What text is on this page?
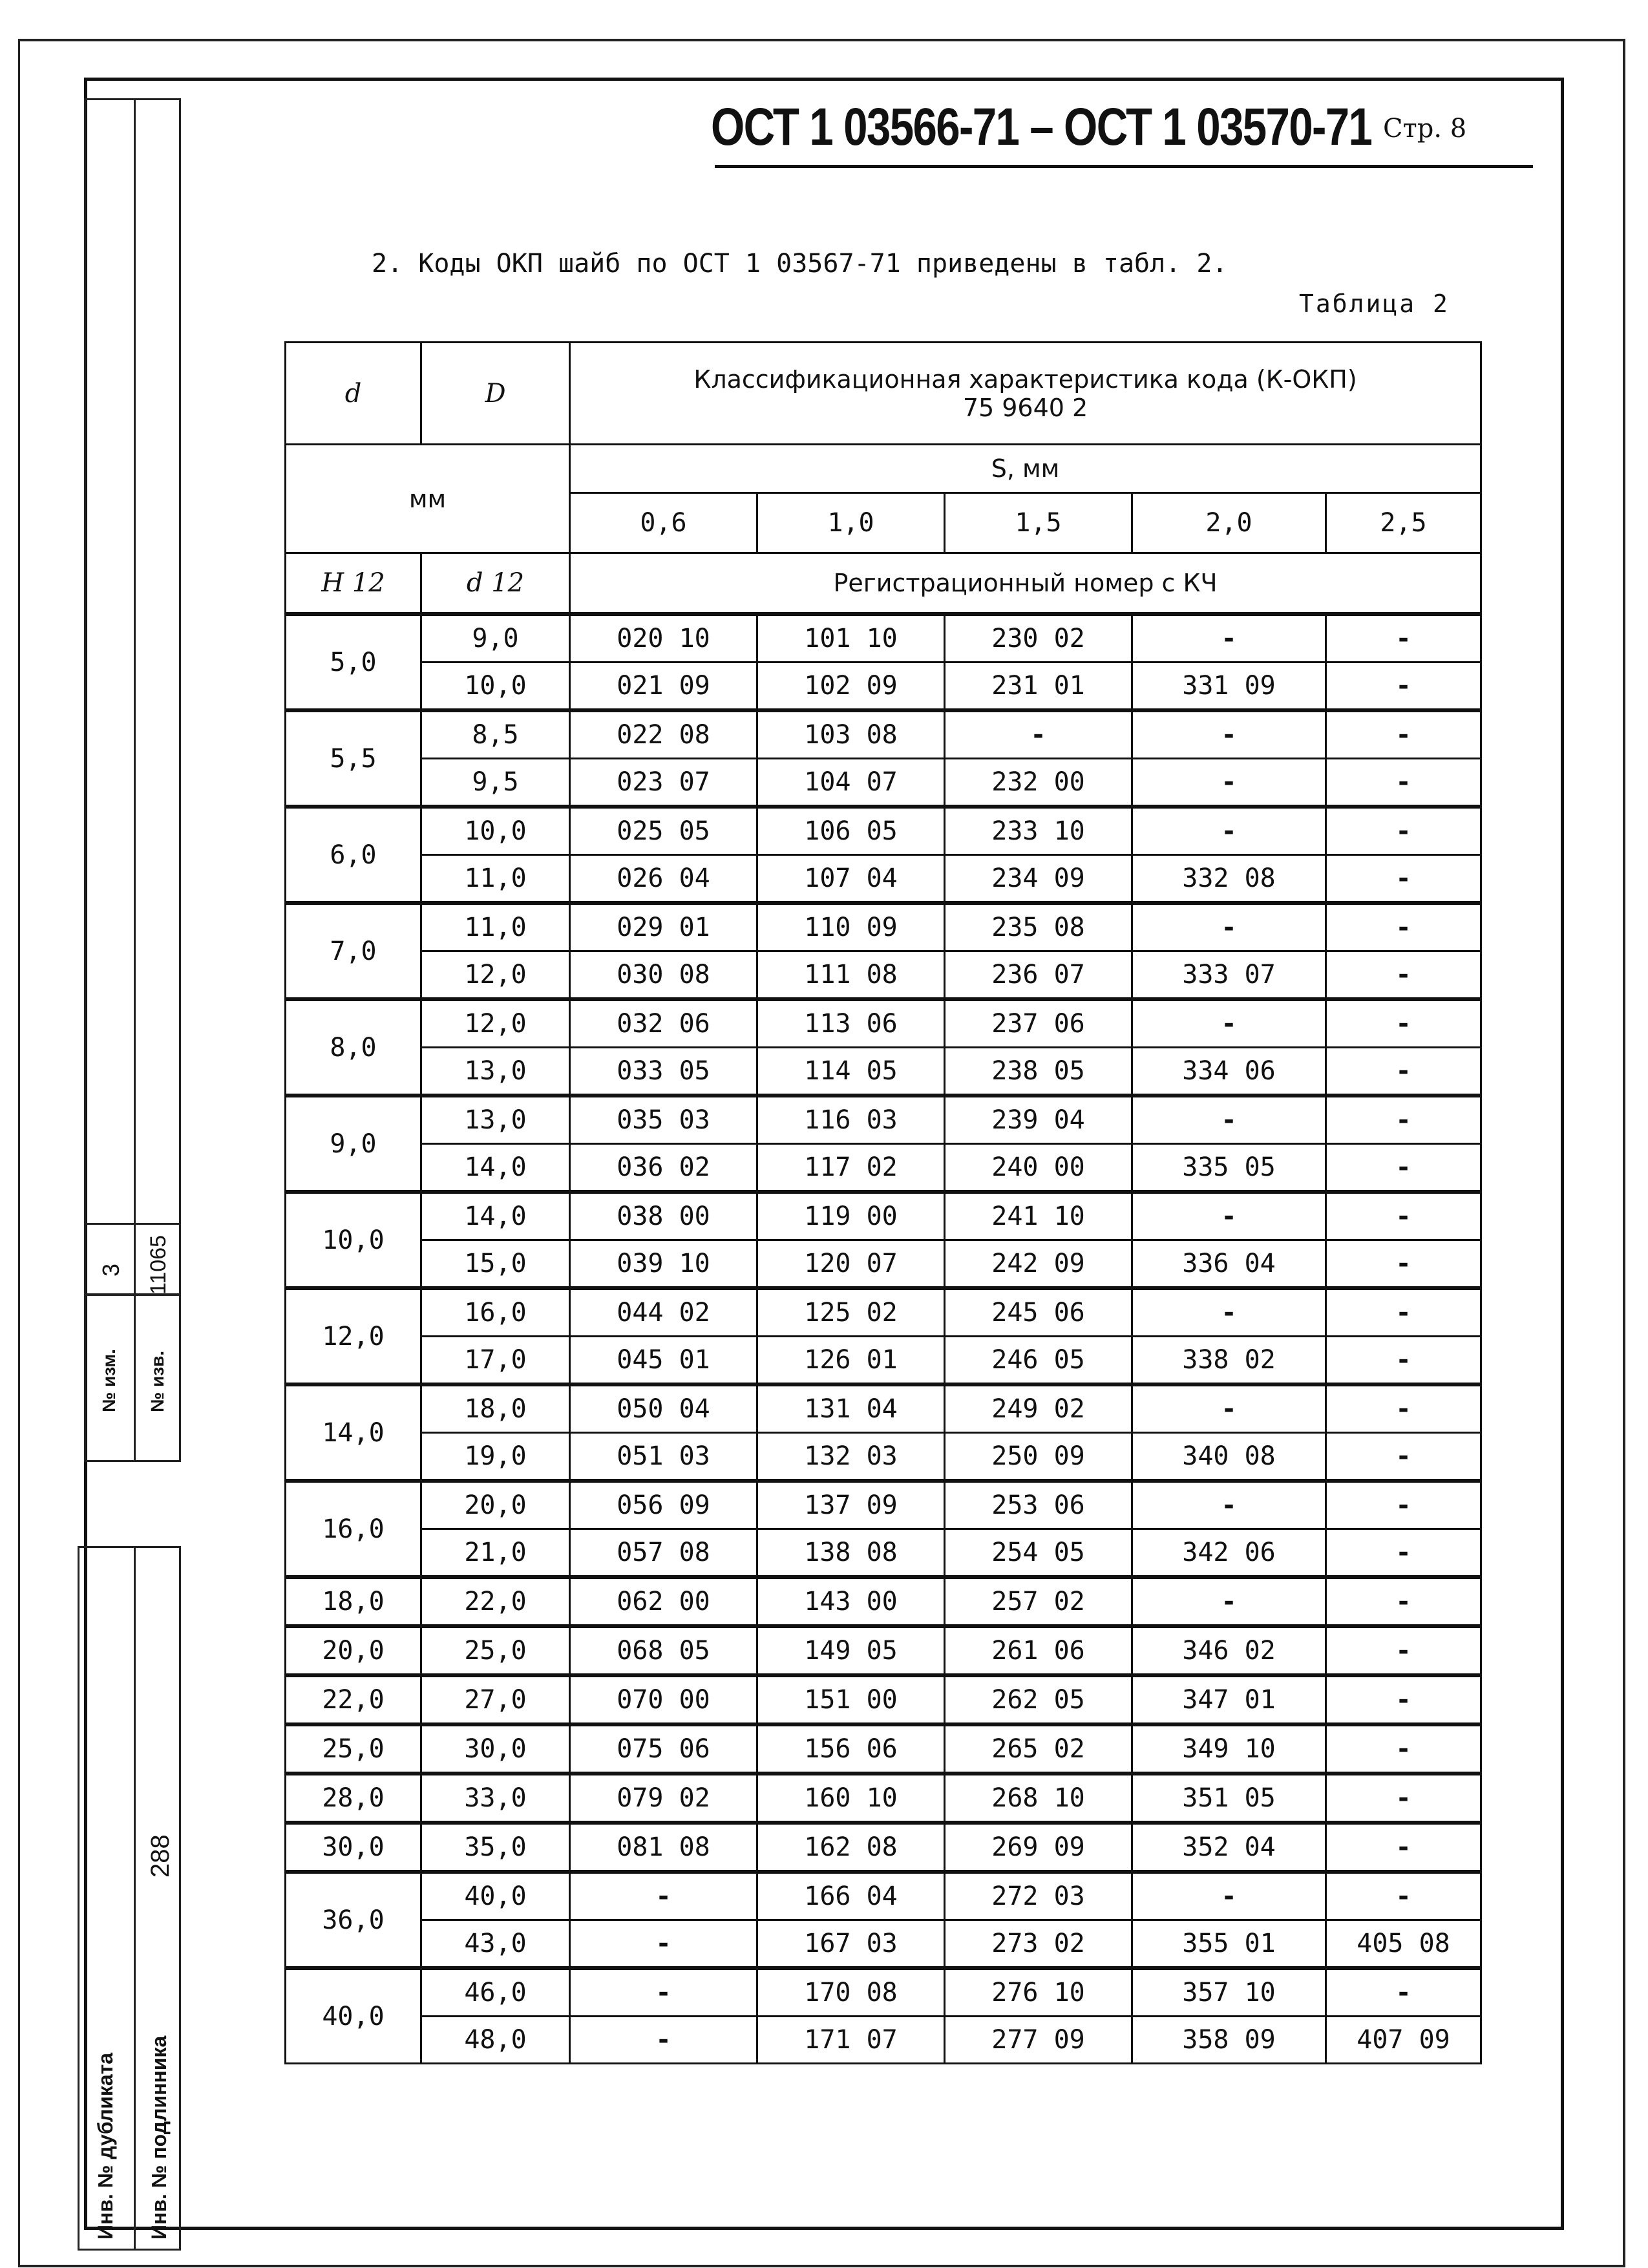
№ изм. № изв.
3 11065
Инв. № дубликата Инв. № подлинника
288
ОСТ 1 03566-71 – ОСТ 1 03570-71 Стр. 8
2. Коды ОКП шайб по ОСТ 1 03567-71 приведены в табл. 2.
Таблица 2
d	D	Классификационная характеристика кода (К-ОКП)
75 9640 2				

мм		S, мм				
		0,6	1,0	1,5	2,0	2,5
H 12	d 12	Регистрационный номер с КЧ				
5,0	9,0	020 10	101 10	230 02	-	-
	10,0	021 09	102 09	231 01	331 09	-
5,5	8,5	022 08	103 08	-	-	-
	9,5	023 07	104 07	232 00	-	-
6,0	10,0	025 05	106 05	233 10	-	-
	11,0	026 04	107 04	234 09	332 08	-
7,0	11,0	029 01	110 09	235 08	-	-
	12,0	030 08	111 08	236 07	333 07	-
8,0	12,0	032 06	113 06	237 06	-	-
	13,0	033 05	114 05	238 05	334 06	-
9,0	13,0	035 03	116 03	239 04	-	-
	14,0	036 02	117 02	240 00	335 05	-
10,0	14,0	038 00	119 00	241 10	-	-
	15,0	039 10	120 07	242 09	336 04	-
12,0	16,0	044 02	125 02	245 06	-	-
	17,0	045 01	126 01	246 05	338 02	-
14,0	18,0	050 04	131 04	249 02	-	-
	19,0	051 03	132 03	250 09	340 08	-
16,0	20,0	056 09	137 09	253 06	-	-
	21,0	057 08	138 08	254 05	342 06	-
18,0	22,0	062 00	143 00	257 02	-	-
20,0	25,0	068 05	149 05	261 06	346 02	-
22,0	27,0	070 00	151 00	262 05	347 01	-
25,0	30,0	075 06	156 06	265 02	349 10	-
28,0	33,0	079 02	160 10	268 10	351 05	-
30,0	35,0	081 08	162 08	269 09	352 04	-
36,0	40,0	-	166 04	272 03	-	-
	43,0	-	167 03	273 02	355 01	405 08
40,0	46,0	-	170 08	276 10	357 10	-
	48,0	-	171 07	277 09	358 09	407 09
